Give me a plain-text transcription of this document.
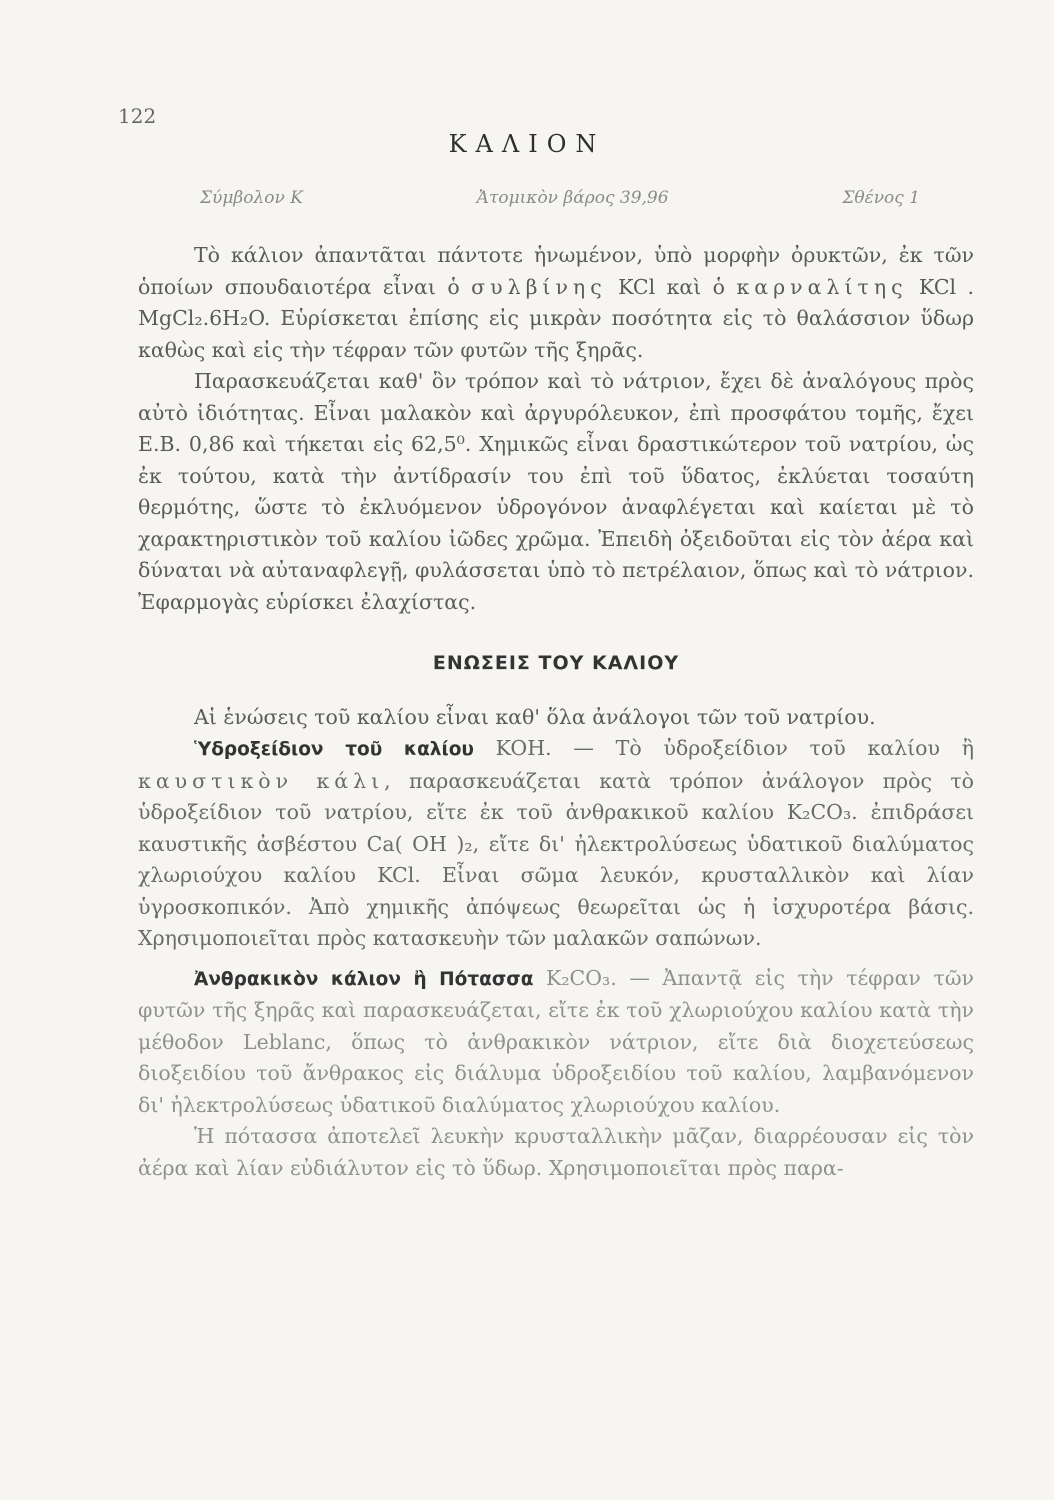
122
ΚΑΛΙΟΝ
Σύμβολον Κ	Ἀτομικὸν βάρος 39,96	Σθένος 1

Τὸ κάλιον ἀπαντᾶται πάντοτε ἡνωμένον, ὑπὸ μορφὴν ὀρυκτῶν, ἐκ τῶν ὁποίων σπουδαιοτέρα εἶναι ὁ συλβίνης KCl καὶ ὁ καρναλίτης KCl . MgCl₂.6H₂O. Εὑρίσκεται ἐπίσης εἰς μικρὰν ποσότητα εἰς τὸ θαλάσσιον ὕδωρ καθὼς καὶ εἰς τὴν τέφραν τῶν φυτῶν τῆς ξηρᾶς.

Παρασκευάζεται καθ' ὃν τρόπον καὶ τὸ νάτριον, ἔχει δὲ ἀναλόγους πρὸς αὐτὸ ἰδιότητας. Εἶναι μαλακὸν καὶ ἀργυρόλευκον, ἐπὶ προσφάτου τομῆς, ἔχει Ε.Β. 0,86 καὶ τήκεται εἰς 62,5⁰. Χημικῶς εἶναι δραστικώτερον τοῦ νατρίου, ὡς ἐκ τούτου, κατὰ τὴν ἀντίδρασίν του ἐπὶ τοῦ ὕδατος, ἐκλύεται τοσαύτη θερμότης, ὥστε τὸ ἐκλυόμενον ὑδρογόνον ἀναφλέγεται καὶ καίεται μὲ τὸ χαρακτηριστικὸν τοῦ καλίου ἰῶδες χρῶμα. Ἐπειδὴ ὀξειδοῦται εἰς τὸν ἀέρα καὶ δύναται νὰ αὐταναφλεγῇ, φυλάσσεται ὑπὸ τὸ πετρέλαιον, ὅπως καὶ τὸ νάτριον. Ἐφαρμογὰς εὑρίσκει ἐλαχίστας.

ΕΝΩΣΕΙΣ ΤΟΥ ΚΑΛΙΟΥ

Αἱ ἑνώσεις τοῦ καλίου εἶναι καθ' ὅλα ἀνάλογοι τῶν τοῦ νατρίου.

Ὑδροξείδιον τοῦ καλίου KOH. — Τὸ ὑδροξείδιον τοῦ καλίου ἢ καυστικὸν κάλι, παρασκευάζεται κατὰ τρόπον ἀνάλογον πρὸς τὸ ὑδροξείδιον τοῦ νατρίου, εἴτε ἐκ τοῦ ἀνθρακικοῦ καλίου K₂CO₃. ἐπιδράσει καυστικῆς ἀσβέστου Ca( OH )₂, εἴτε δι' ἠλεκτρολύσεως ὑδατικοῦ διαλύματος χλωριούχου καλίου KCl. Εἶναι σῶμα λευκόν, κρυσταλλικὸν καὶ λίαν ὑγροσκοπικόν. Ἀπὸ χημικῆς ἀπόψεως θεωρεῖται ὡς ἡ ἰσχυροτέρα βάσις. Χρησιμοποιεῖται πρὸς κατασκευὴν τῶν μαλακῶν σαπώνων.

Ἀνθρακικὸν κάλιον ἢ Πότασσα K₂CO₃. — Ἀπαντᾷ εἰς τὴν τέφραν τῶν φυτῶν τῆς ξηρᾶς καὶ παρασκευάζεται, εἴτε ἐκ τοῦ χλωριούχου καλίου κατὰ τὴν μέθοδον Leblanc, ὅπως τὸ ἀνθρακικὸν νάτριον, εἴτε διὰ διοχετεύσεως διοξειδίου τοῦ ἄνθρακος εἰς διάλυμα ὑδροξειδίου τοῦ καλίου, λαμβανόμενον δι' ἠλεκτρολύσεως ὑδατικοῦ διαλύματος χλωριούχου καλίου.

Ἡ πότασσα ἀποτελεῖ λευκὴν κρυσταλλικὴν μᾶζαν, διαρρέουσαν εἰς τὸν ἀέρα καὶ λίαν εὐδιάλυτον εἰς τὸ ὕδωρ. Χρησιμοποιεῖται πρὸς παρα-
